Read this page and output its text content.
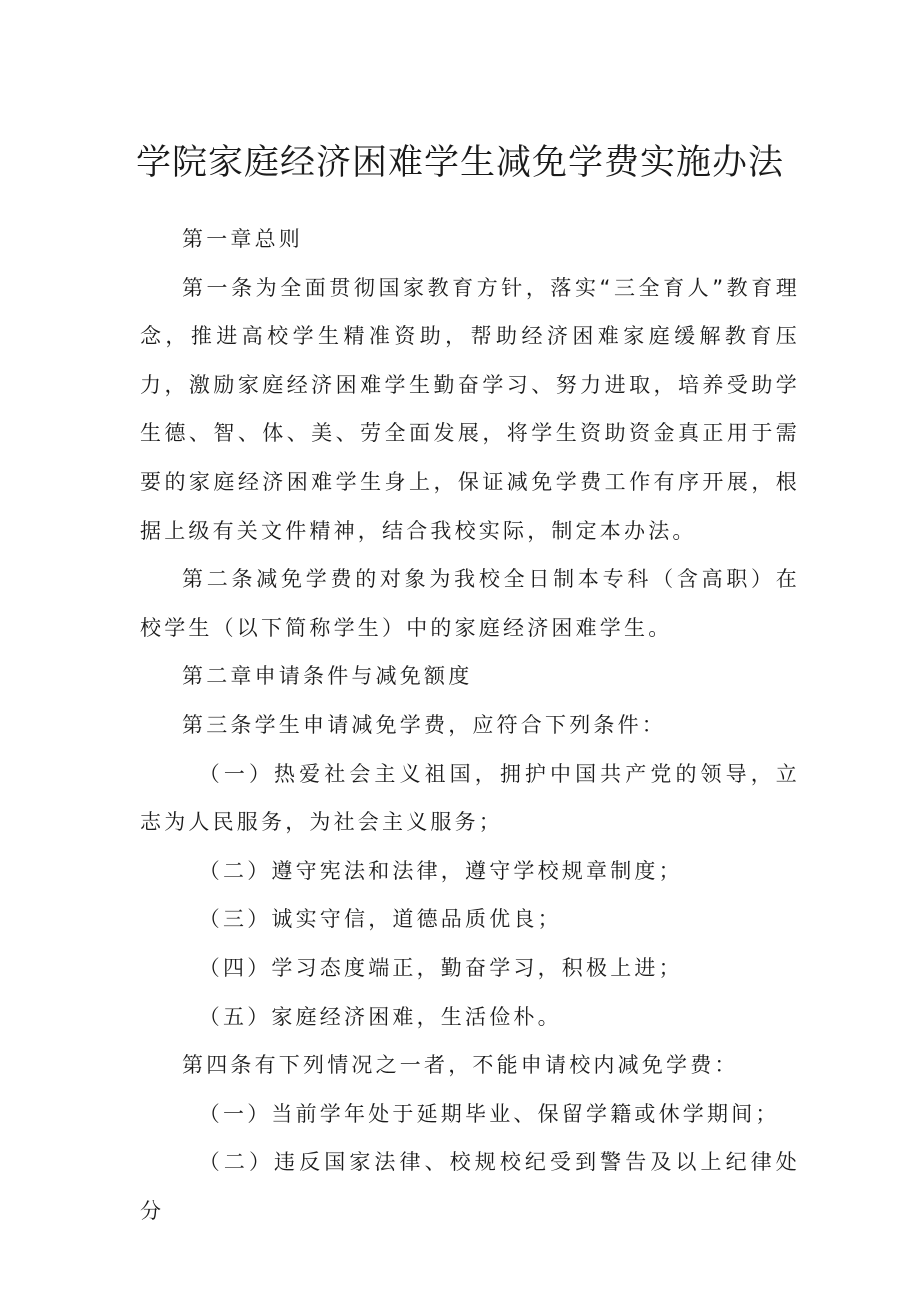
学院家庭经济困难学生减免学费实施办法

第一章总则

第一条为全面贯彻国家教育方针，落实“三全育人”教育理念，推进高校学生精准资助，帮助经济困难家庭缓解教育压力，激励家庭经济困难学生勤奋学习、努力进取，培养受助学生德、智、体、美、劳全面发展，将学生资助资金真正用于需要的家庭经济困难学生身上，保证减免学费工作有序开展，根据上级有关文件精神，结合我校实际，制定本办法。

第二条减免学费的对象为我校全日制本专科（含高职）在校学生（以下简称学生）中的家庭经济困难学生。

第二章申请条件与减免额度

第三条学生申请减免学费，应符合下列条件：

（一）热爱社会主义祖国，拥护中国共产党的领导，立志为人民服务，为社会主义服务；

（二）遵守宪法和法律，遵守学校规章制度；

（三）诚实守信，道德品质优良；

（四）学习态度端正，勤奋学习，积极上进；

（五）家庭经济困难，生活俭朴。

第四条有下列情况之一者，不能申请校内减免学费：

（一）当前学年处于延期毕业、保留学籍或休学期间；

（二）违反国家法律、校规校纪受到警告及以上纪律处分
